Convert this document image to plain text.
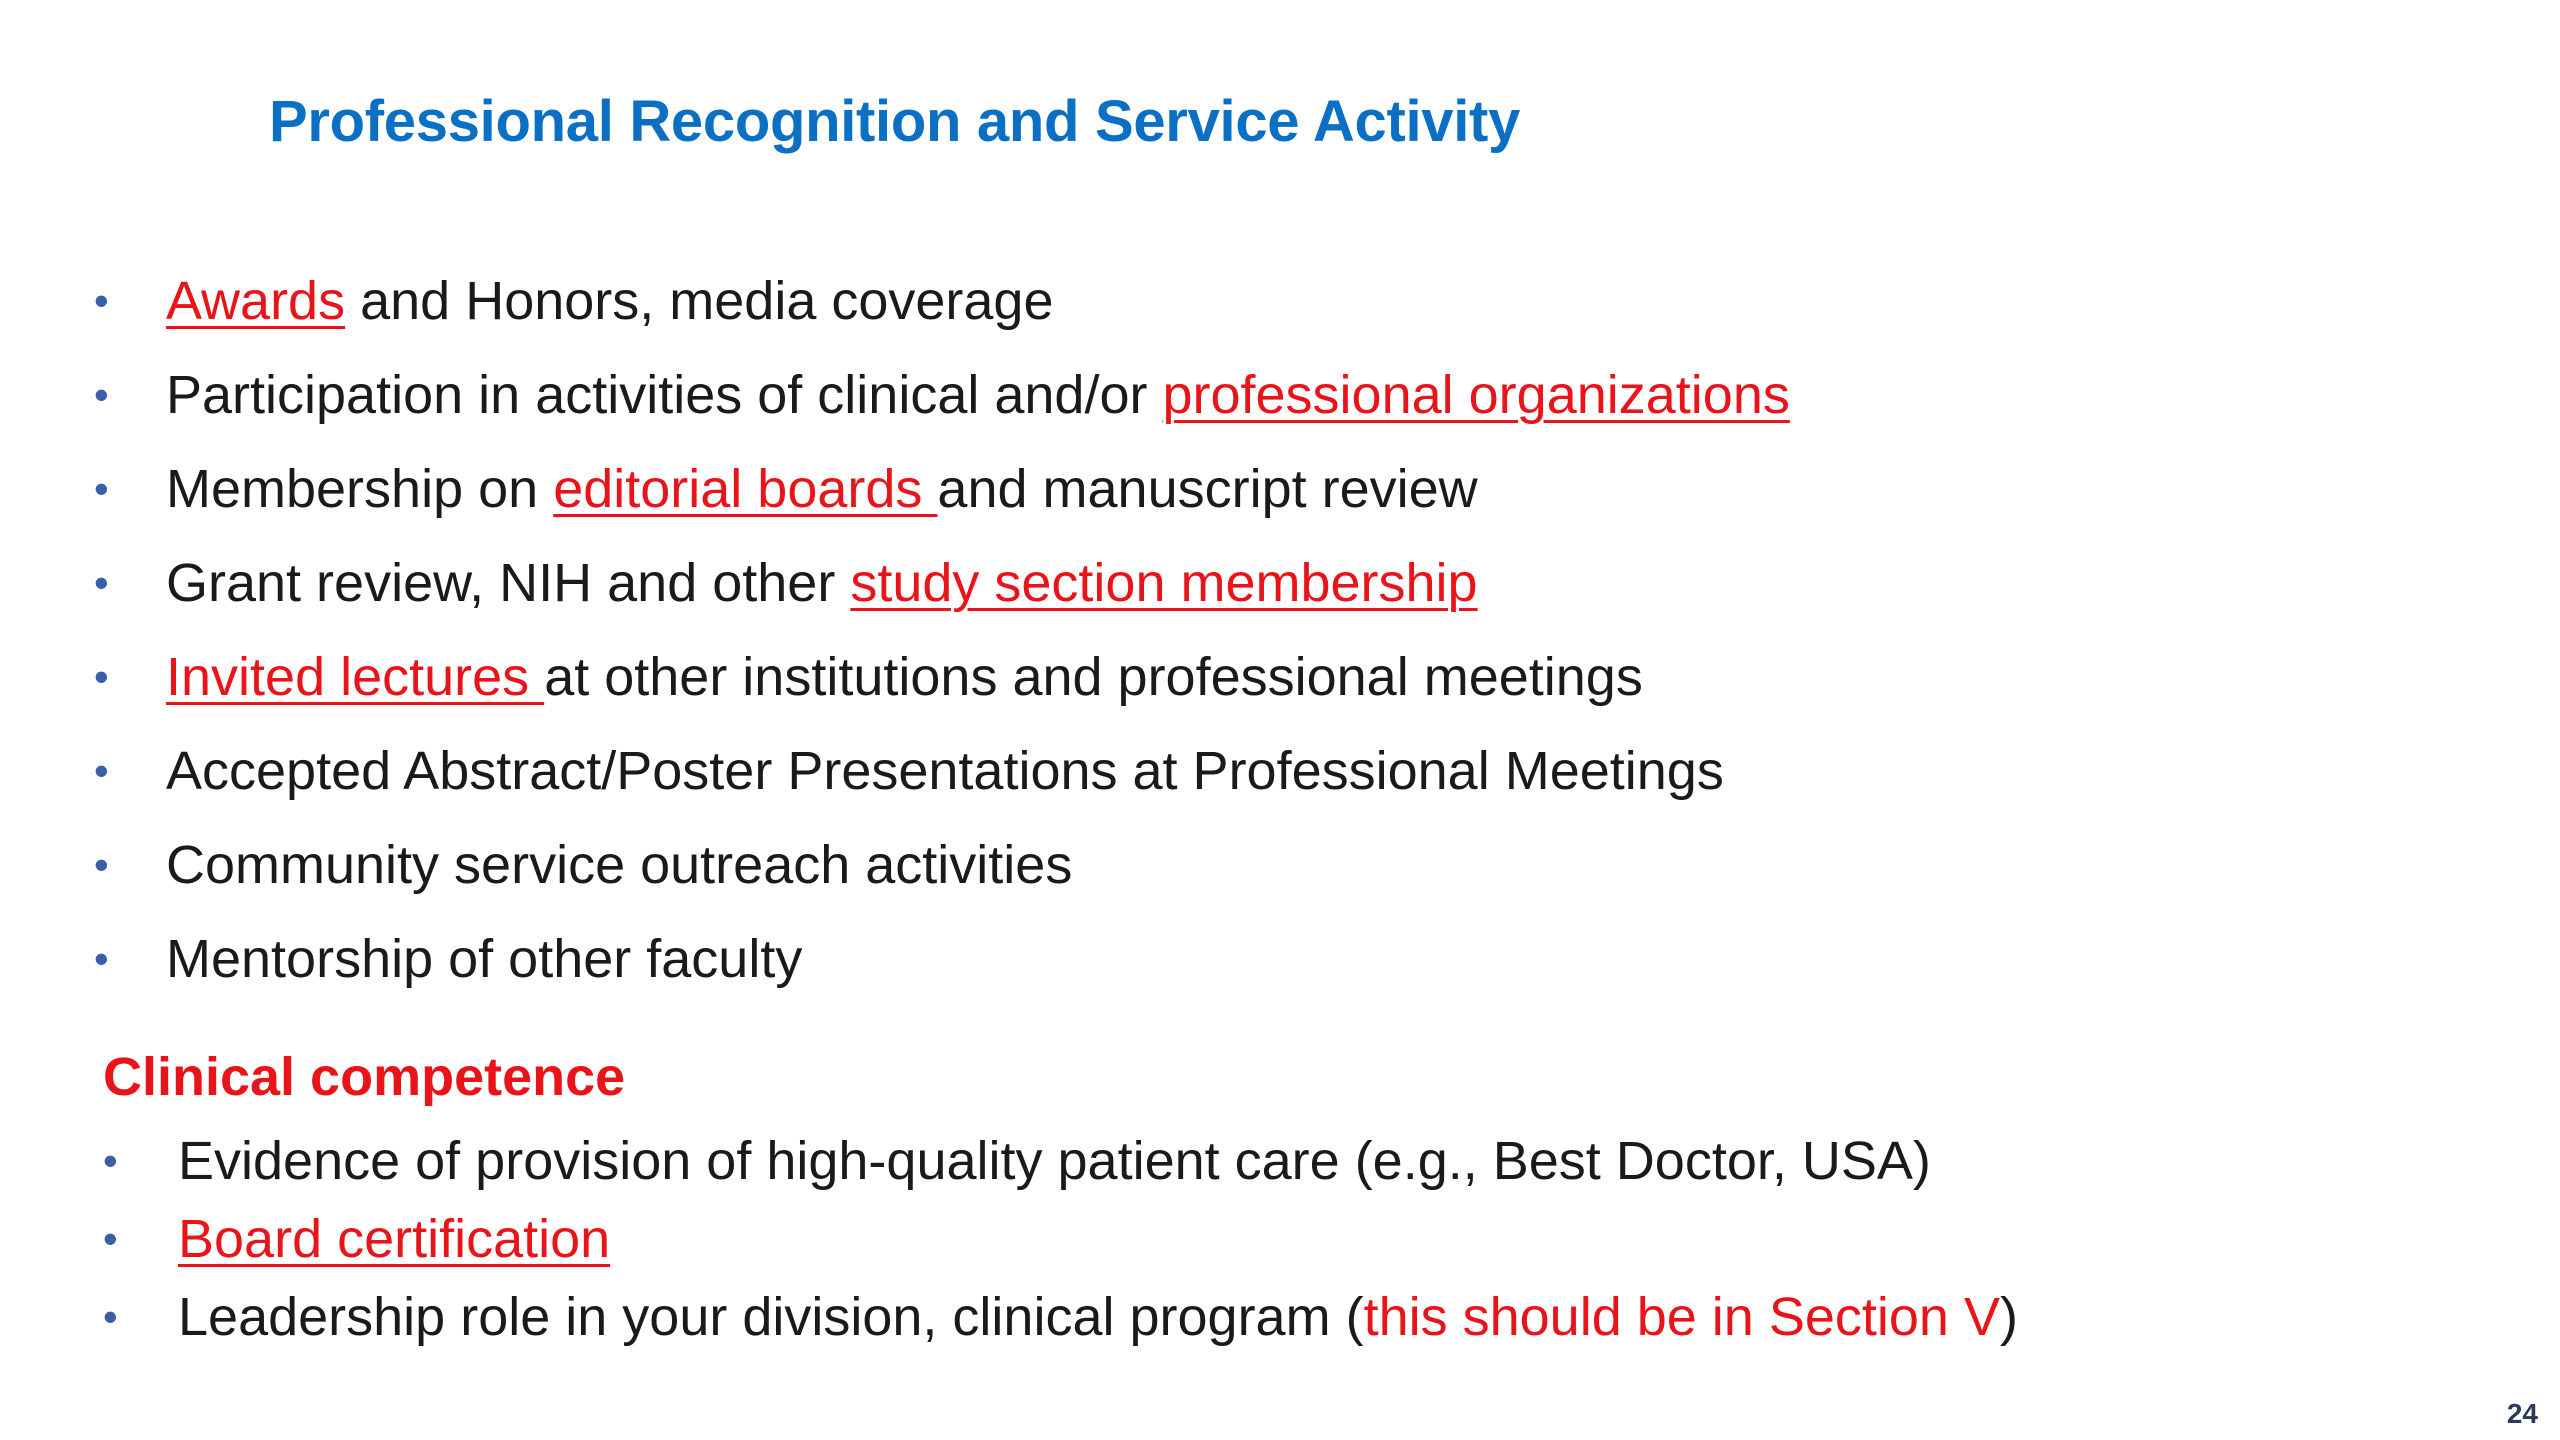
Professional Recognition and Service Activity
•	Awards and Honors, media coverage
•	Participation in activities of clinical and/or professional organizations
•	Membership on editorial boards and manuscript review
•	Grant review, NIH and other study section membership
•	Invited lectures at other institutions and professional meetings
•	Accepted Abstract/Poster Presentations at Professional Meetings
•	Community service outreach activities
•	Mentorship of other faculty
Clinical competence
•	Evidence of provision of high-quality patient care (e.g., Best Doctor, USA)
•	Board certification
•	Leadership role in your division, clinical program (this should be in Section V)
24
